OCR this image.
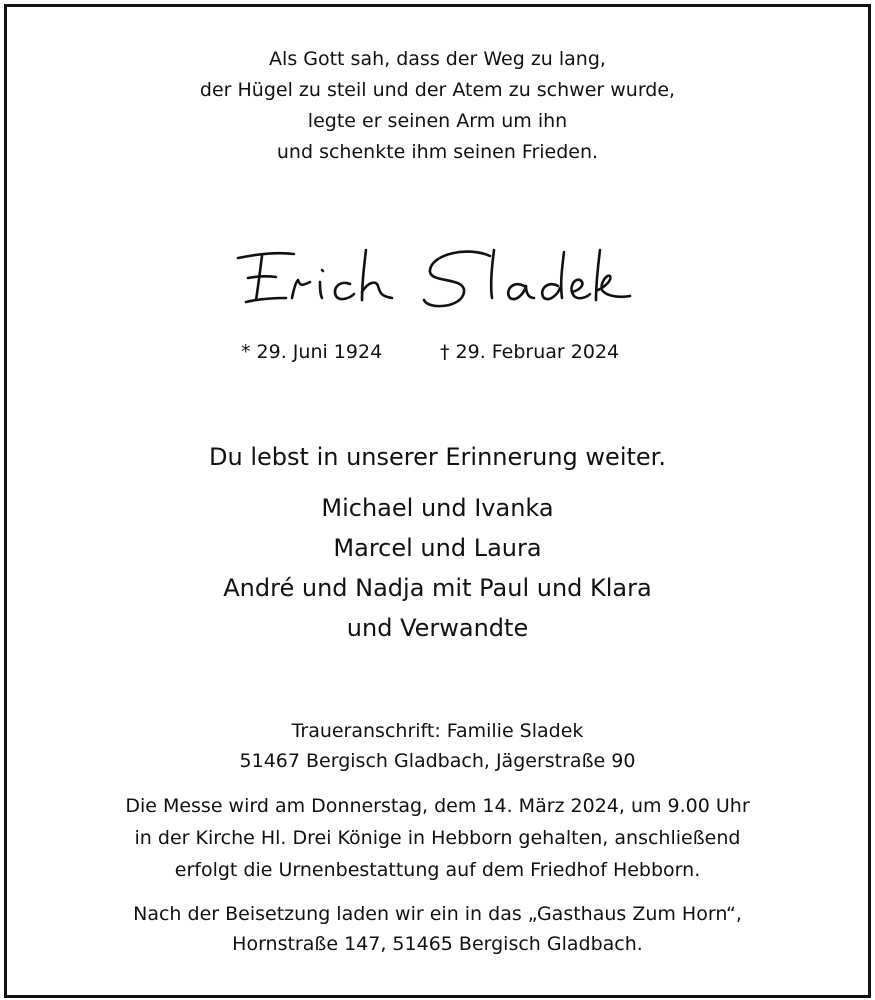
Als Gott sah, dass der Weg zu lang,
der Hügel zu steil und der Atem zu schwer wurde,
legte er seinen Arm um ihn
und schenkte ihm seinen Frieden.
* 29. Juni 1924	† 29. Februar 2024
Du lebst in unserer Erinnerung weiter.
Michael und Ivanka
Marcel und Laura
André und Nadja mit Paul und Klara
und Verwandte
Traueranschrift: Familie Sladek
51467 Bergisch Gladbach, Jägerstraße 90
Die Messe wird am Donnerstag, dem 14. März 2024, um 9.00 Uhr
in der Kirche Hl. Drei Könige in Hebborn gehalten, anschließend
erfolgt die Urnenbestattung auf dem Friedhof Hebborn.
Nach der Beisetzung laden wir ein in das „Gasthaus Zum Horn“,
Hornstraße 147, 51465 Bergisch Gladbach.
